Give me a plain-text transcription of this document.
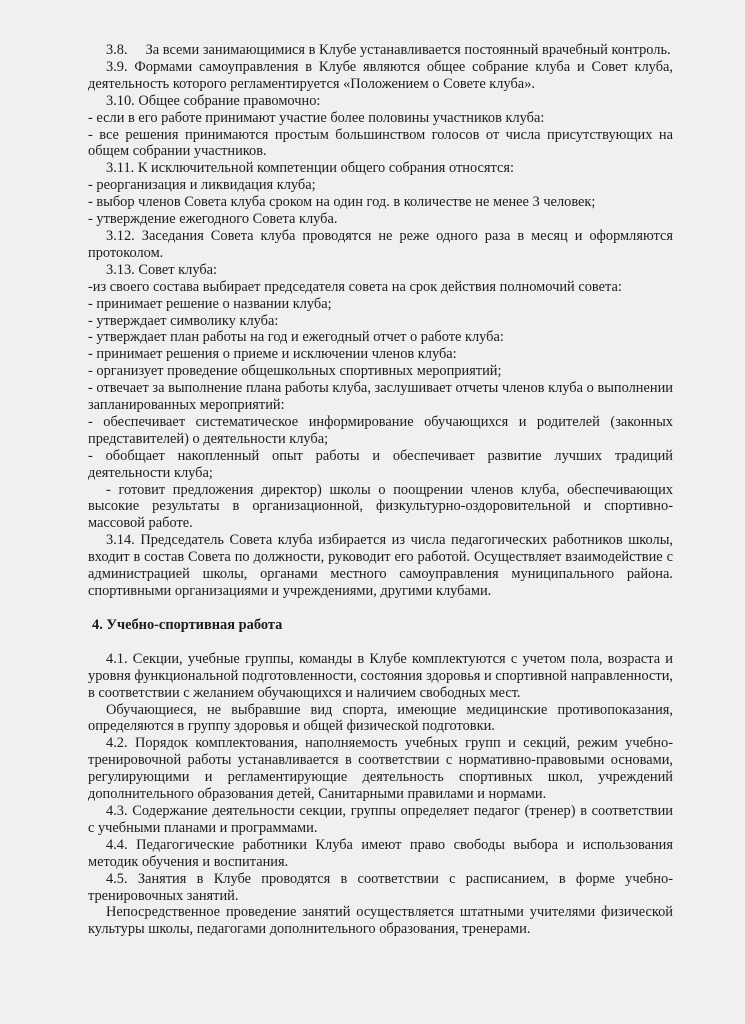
3.8.     За всеми занимающимися в Клубе устанавливается постоянный врачебный контроль.

3.9. Формами самоуправления в Клубе являются общее собрание клуба и Совет клуба, деятельность которого регламентируется «Положением о Совете клуба».

3.10. Общее собрание правомочно:

- если в его работе принимают участие более половины участников клуба:

- все решения принимаются простым большинством голосов от числа присутствующих на общем собрании участников.

3.11. К исключительной компетенции общего собрания относятся:

- реорганизация и ликвидация клуба;

- выбор членов Совета клуба сроком на один год. в количестве не менее 3 человек;

- утверждение ежегодного Совета клуба.

3.12. Заседания Совета клуба проводятся не реже одного раза в месяц и оформляются протоколом.

3.13. Совет клуба:

-из своего состава выбирает председателя совета на срок действия полномочий совета:

- принимает решение о названии клуба;

- утверждает символику клуба:

- утверждает план работы на год и ежегодный отчет о работе клуба:

- принимает решения о приеме и исключении членов клуба:

- организует проведение общешкольных спортивных мероприятий;

- отвечает за выполнение плана работы клуба, заслушивает отчеты членов клуба о выполнении запланированных мероприятий:

- обеспечивает систематическое информирование обучающихся и родителей (законных представителей) о деятельности клуба;

- обобщает накопленный опыт работы и обеспечивает развитие лучших традиций деятельности клуба;

- готовит предложения директор) школы о поощрении членов клуба, обеспечивающих высокие результаты в организационной, физкультурно-оздоровительной и спортивно-массовой работе.

3.14. Председатель Совета клуба избирается из числа педагогических работников школы, входит в состав Совета по должности, руководит его работой. Осуществляет взаимодействие с администрацией школы, органами местного самоуправления муниципального района. спортивными организациями и учреждениями, другими клубами.

4. Учебно-спортивная работа

4.1. Секции, учебные группы, команды в Клубе комплектуются с учетом пола, возраста и уровня функциональной подготовленности, состояния здоровья и спортивной направленности, в соответствии с желанием обучающихся и наличием свободных мест.

Обучающиеся, не выбравшие вид спорта, имеющие медицинские противопоказания, определяются в группу здоровья и общей физической подготовки.

4.2. Порядок комплектования, наполняемость учебных групп и секций, режим учебно-тренировочной работы устанавливается в соответствии с нормативно-правовыми основами, регулирующими и регламентирующие деятельность спортивных школ, учреждений дополнительного образования детей, Санитарными правилами и нормами.

4.3. Содержание деятельности секции, группы определяет педагог (тренер) в соответствии с учебными планами и программами.

4.4. Педагогические работники Клуба имеют право свободы выбора и использования методик обучения и воспитания.

4.5. Занятия в Клубе проводятся в соответствии с расписанием, в форме учебно-тренировочных занятий.

Непосредственное проведение занятий осуществляется штатными учителями физической культуры школы, педагогами дополнительного образования, тренерами.
